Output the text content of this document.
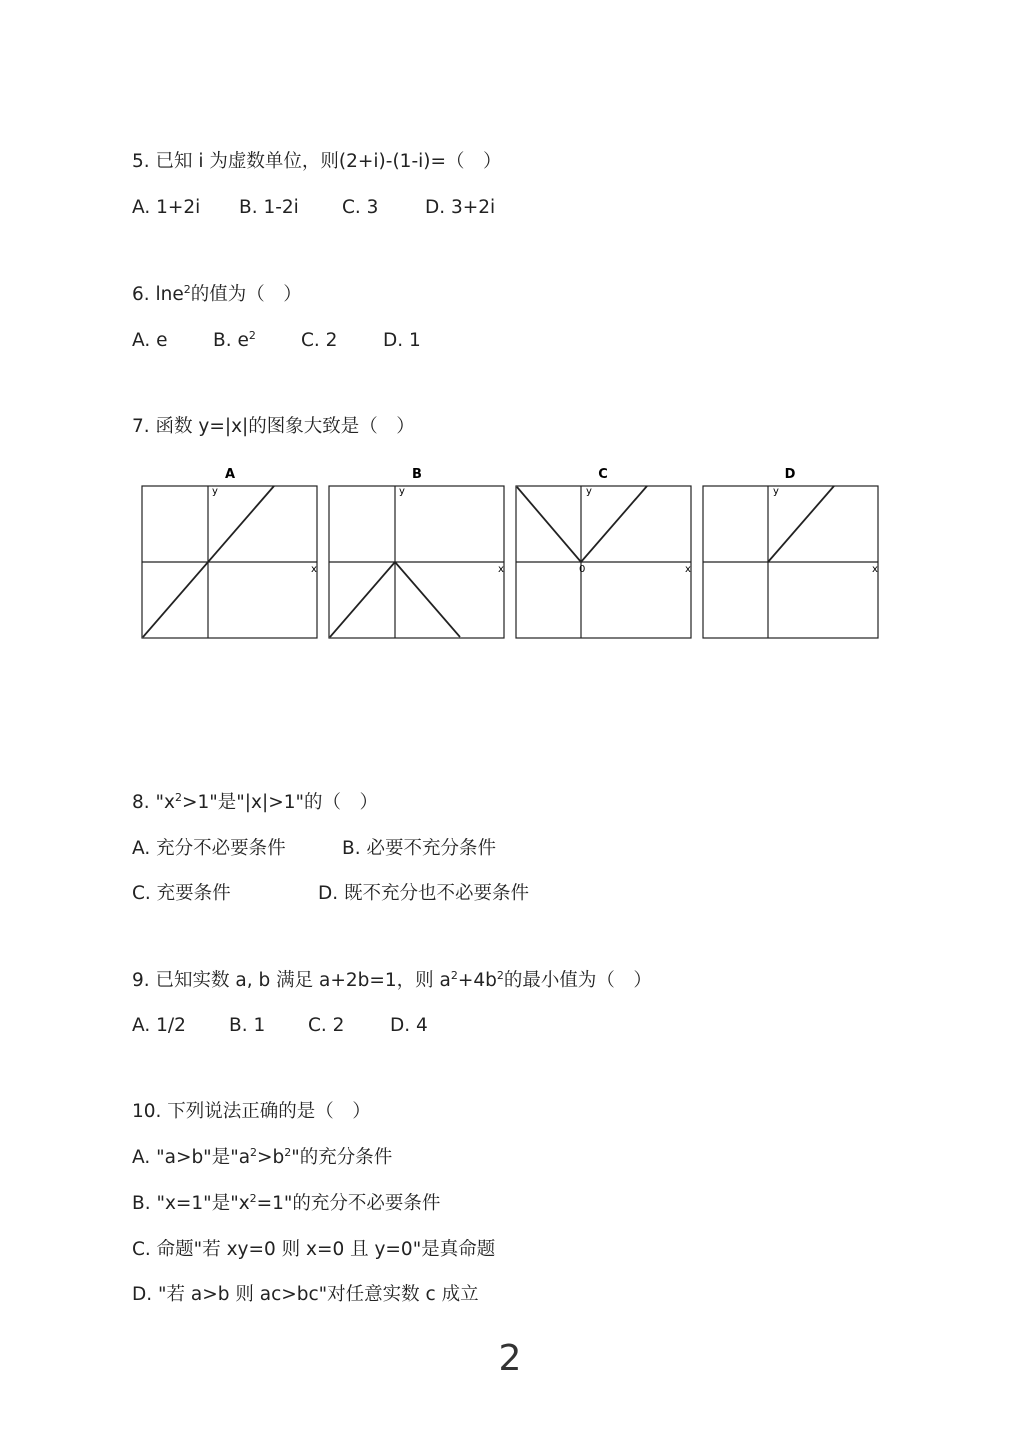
5. 已知 i 为虚数单位，则(2+i)-(1-i)=（　）
A. 1+2i B. 1-2i C. 3	D. 3+2i
6. lne$^2$的值为（　）
A. e B. $e^2$ C. 2 D. 1
7. 函数 y=|x|的图象大致是（　）
A
y
x
B
y
x
C
y
x
0
D
y
x
8. "$x^2>1$"是"|x|>1"的（　）
A. 充分不必要条件	B. 必要不充分条件
C. 充要条件	D. 既不充分也不必要条件
9. 已知实数 a, b 满足 a+2b=1，则 $a^2+4b^2$的最小值为（　）
A. 1/2 B. 1 C. 2 D. 4
10. 下列说法正确的是（　）
A. "a>b"是"$a^2>b^2$"的充分条件
B. "x=1"是"$x^2=1$"的充分不必要条件
C. 命题"若 xy=0 则 x=0 且 y=0"是真命题
D. "若 a>b 则 ac>bc"对任意实数 c 成立
2
